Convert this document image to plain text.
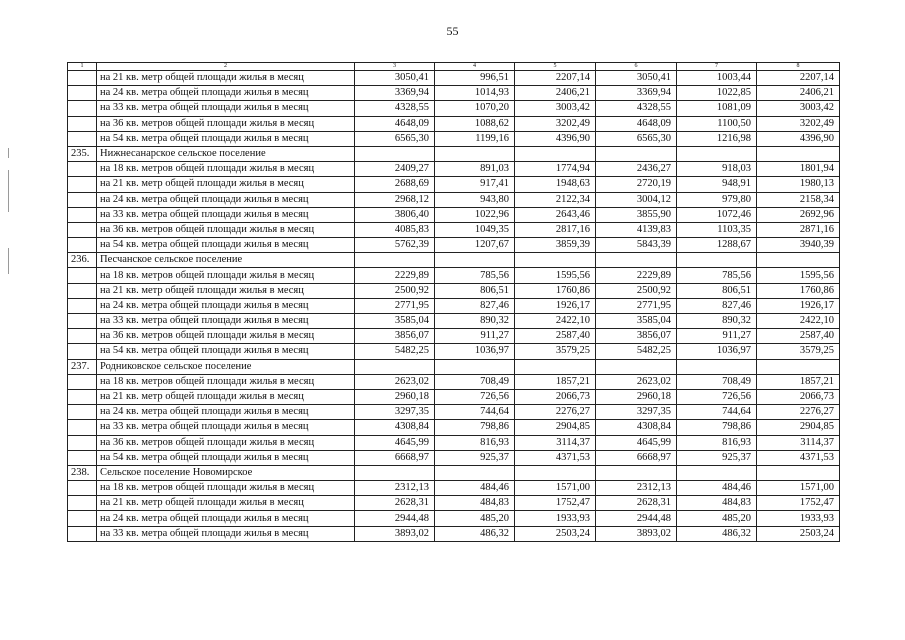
55
1	2	3	4	5	6	7	8
	на 21 кв. метр общей площади жилья в месяц	3050,41	996,51	2207,14	3050,41	1003,44	2207,14
	на 24 кв. метра общей площади жилья в месяц	3369,94	1014,93	2406,21	3369,94	1022,85	2406,21
	на 33 кв. метра общей площади жилья в месяц	4328,55	1070,20	3003,42	4328,55	1081,09	3003,42
	на 36 кв. метров общей площади жилья в месяц	4648,09	1088,62	3202,49	4648,09	1100,50	3202,49
	на 54 кв. метра общей площади жилья в месяц	6565,30	1199,16	4396,90	6565,30	1216,98	4396,90
235.	Нижнесанарское сельское поселение						
	на 18 кв. метров общей площади жилья в месяц	2409,27	891,03	1774,94	2436,27	918,03	1801,94
	на 21 кв. метр общей площади жилья в месяц	2688,69	917,41	1948,63	2720,19	948,91	1980,13
	на 24 кв. метра общей площади жилья в месяц	2968,12	943,80	2122,34	3004,12	979,80	2158,34
	на 33 кв. метра общей площади жилья в месяц	3806,40	1022,96	2643,46	3855,90	1072,46	2692,96
	на 36 кв. метров общей площади жилья в месяц	4085,83	1049,35	2817,16	4139,83	1103,35	2871,16
	на 54 кв. метра общей площади жилья в месяц	5762,39	1207,67	3859,39	5843,39	1288,67	3940,39
236.	Песчанское сельское поселение						
	на 18 кв. метров общей площади жилья в месяц	2229,89	785,56	1595,56	2229,89	785,56	1595,56
	на 21 кв. метр общей площади жилья в месяц	2500,92	806,51	1760,86	2500,92	806,51	1760,86
	на 24 кв. метра общей площади жилья в месяц	2771,95	827,46	1926,17	2771,95	827,46	1926,17
	на 33 кв. метра общей площади жилья в месяц	3585,04	890,32	2422,10	3585,04	890,32	2422,10
	на 36 кв. метров общей площади жилья в месяц	3856,07	911,27	2587,40	3856,07	911,27	2587,40
	на 54 кв. метра общей площади жилья в месяц	5482,25	1036,97	3579,25	5482,25	1036,97	3579,25
237.	Родниковское сельское поселение						
	на 18 кв. метров общей площади жилья в месяц	2623,02	708,49	1857,21	2623,02	708,49	1857,21
	на 21 кв. метр общей площади жилья в месяц	2960,18	726,56	2066,73	2960,18	726,56	2066,73
	на 24 кв. метра общей площади жилья в месяц	3297,35	744,64	2276,27	3297,35	744,64	2276,27
	на 33 кв. метра общей площади жилья в месяц	4308,84	798,86	2904,85	4308,84	798,86	2904,85
	на 36 кв. метров общей площади жилья в месяц	4645,99	816,93	3114,37	4645,99	816,93	3114,37
	на 54 кв. метра общей площади жилья в месяц	6668,97	925,37	4371,53	6668,97	925,37	4371,53
238.	Сельское поселение Новомирское						
	на 18 кв. метров общей площади жилья в месяц	2312,13	484,46	1571,00	2312,13	484,46	1571,00
	на 21 кв. метр общей площади жилья в месяц	2628,31	484,83	1752,47	2628,31	484,83	1752,47
	на 24 кв. метра общей площади жилья в месяц	2944,48	485,20	1933,93	2944,48	485,20	1933,93
	на 33 кв. метра общей площади жилья в месяц	3893,02	486,32	2503,24	3893,02	486,32	2503,24
